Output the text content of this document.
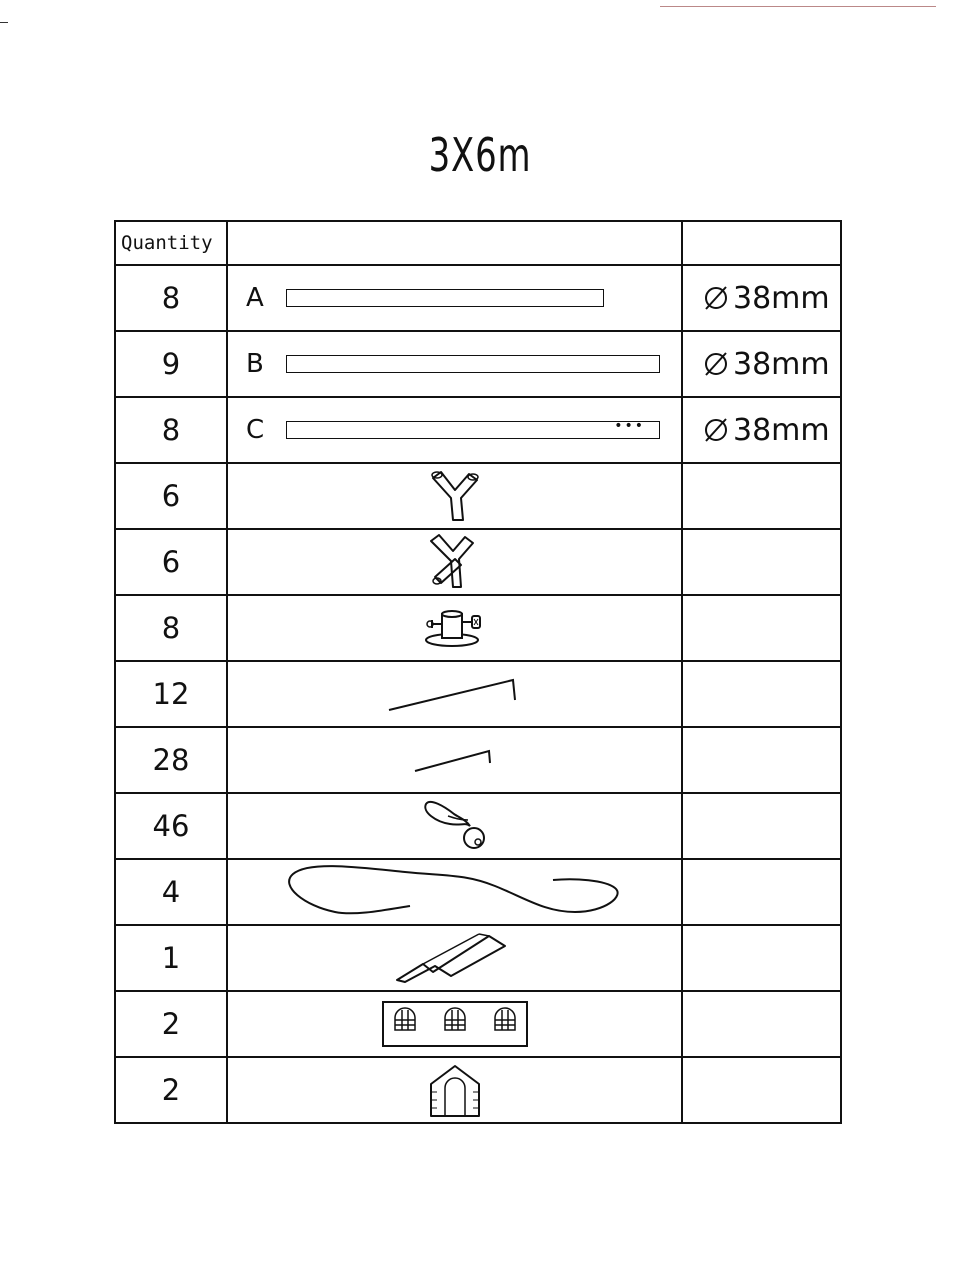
3X6m
Quantity		
8	A	38mm

9	B	38mm

8	C •••	38mm

6	

6	

8	

12	

28	

46	

4	

1	

2	

2	
